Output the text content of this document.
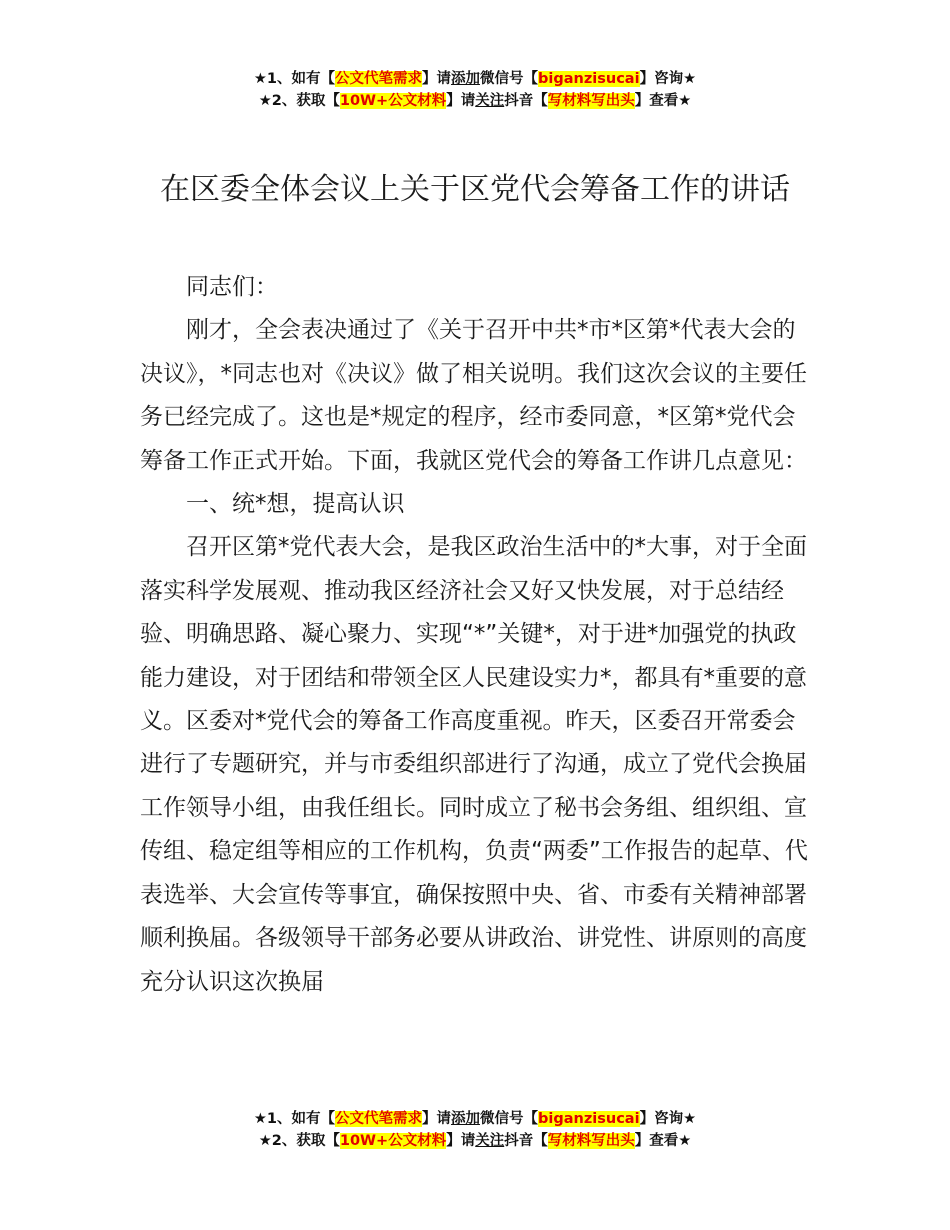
★1、如有【公文代笔需求】请添加微信号【biganzisucai】咨询★
★2、获取【10W+公文材料】请关注抖音【写材料写出头】查看★
在区委全体会议上关于区党代会筹备工作的讲话

同志们：

刚才，全会表决通过了《关于召开中共*市*区第*代表大会的决议》，*同志也对《决议》做了相关说明。我们这次会议的主要任务已经完成了。这也是*规定的程序，经市委同意，*区第*党代会筹备工作正式开始。下面，我就区党代会的筹备工作讲几点意见：

一、统*想，提高认识

召开区第*党代表大会，是我区政治生活中的*大事，对于全面落实科学发展观、推动我区经济社会又好又快发展，对于总结经验、明确思路、凝心聚力、实现“*”关键*，对于进*加强党的执政能力建设，对于团结和带领全区人民建设实力*，都具有*重要的意义。区委对*党代会的筹备工作高度重视。昨天，区委召开常委会进行了专题研究，并与市委组织部进行了沟通，成立了党代会换届工作领导小组，由我任组长。同时成立了秘书会务组、组织组、宣传组、稳定组等相应的工作机构，负责“两委”工作报告的起草、代表选举、大会宣传等事宜，确保按照中央、省、市委有关精神部署顺利换届。各级领导干部务必要从讲政治、讲党性、讲原则的高度充分认识这次换届

★1、如有【公文代笔需求】请添加微信号【biganzisucai】咨询★
★2、获取【10W+公文材料】请关注抖音【写材料写出头】查看★
